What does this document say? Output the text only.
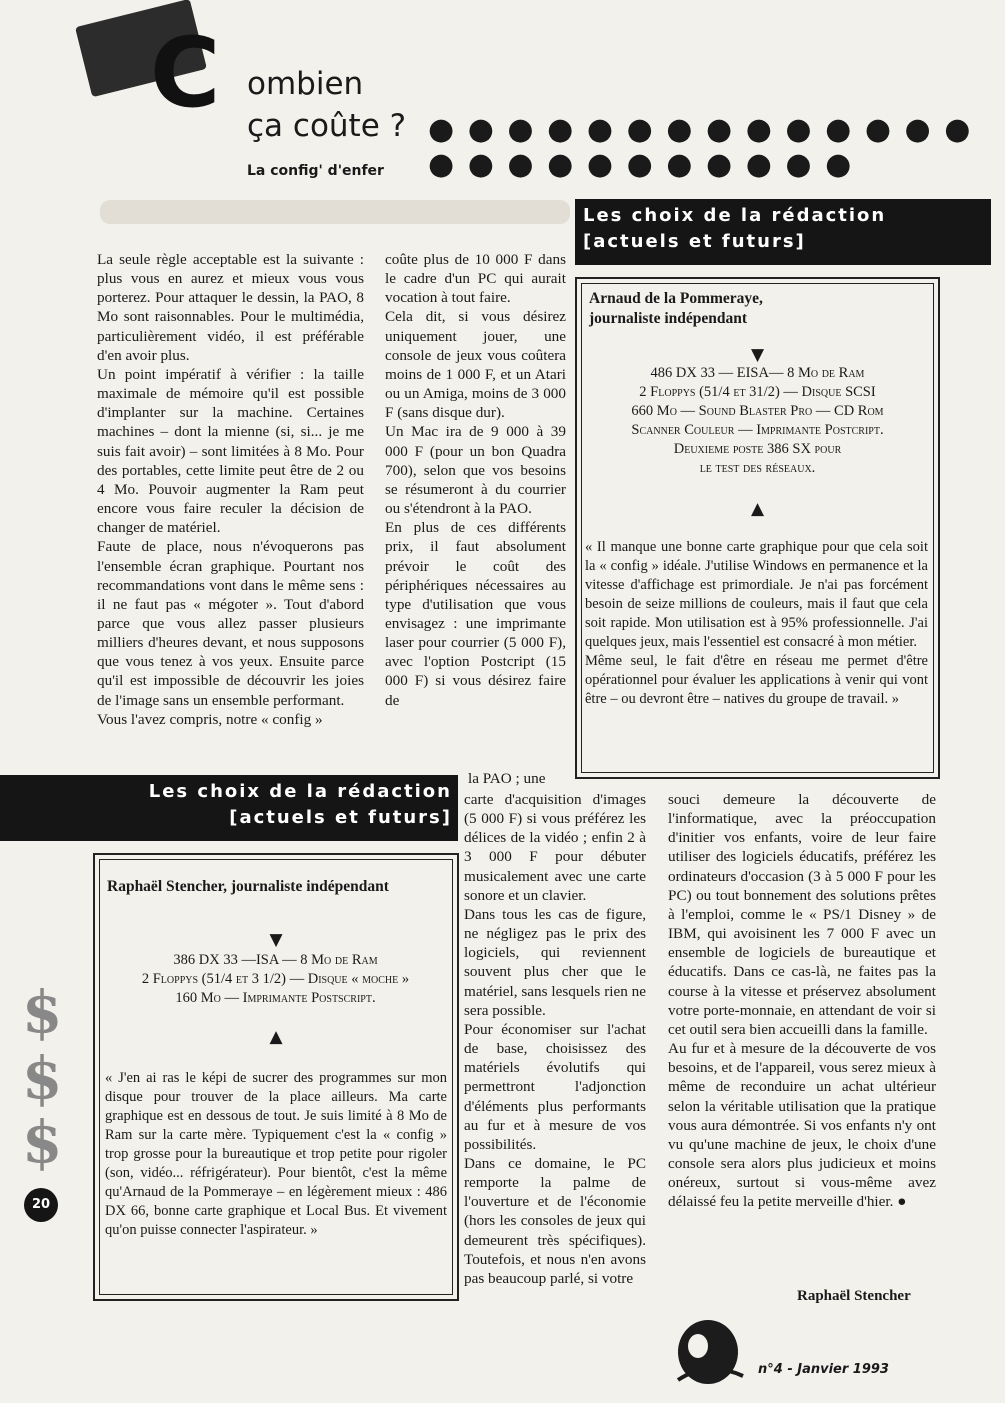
C ombien
ça coûte ? ● ● ● ● ● ● ● ● ● ● ● ● ● ● ● ● ● ● ● ● ● ● ● ● ●
La config' d'enfer

La seule règle acceptable est la suivante : plus vous en aurez et mieux vous vous porterez. Pour attaquer le dessin, la PAO, 8 Mo sont raisonnables. Pour le multimédia, particulièrement vidéo, il est préférable d'en avoir plus.

Un point impératif à vérifier : la taille maximale de mémoire qu'il est possible d'implanter sur la machine. Certaines machines – dont la mienne (si, si... je me suis fait avoir) – sont limitées à 8 Mo. Pour des portables, cette limite peut être de 2 ou 4 Mo. Pouvoir augmenter la Ram peut encore vous faire reculer la décision de changer de matériel.

Faute de place, nous n'évoquerons pas l'ensemble écran graphique. Pourtant nos recommandations vont dans le même sens : il ne faut pas « mégoter ». Tout d'abord parce que vous allez passer plusieurs milliers d'heures devant, et nous supposons que vous tenez à vos yeux. Ensuite parce qu'il est impossible de découvrir les joies de l'image sans un ensemble performant.

Vous l'avez compris, notre « config »

coûte plus de 10 000 F dans le cadre d'un PC qui aurait vocation à tout faire.

Cela dit, si vous désirez uniquement jouer, une console de jeux vous coûtera moins de 1 000 F, et un Atari ou un Amiga, moins de 3 000 F (sans disque dur).

Un Mac ira de 9 000 à 39 000 F (pour un bon Quadra 700), selon que vos besoins se résumeront à du courrier ou s'étendront à la PAO.

En plus de ces différents prix, il faut absolument prévoir le coût des périphériques nécessaires au type d'utilisation que vous envisagez : une imprimante laser pour courrier (5 000 F), avec l'option Postcript (15 000 F) si vous désirez faire de

la PAO ; une

carte d'acquisition d'images (5 000 F) si vous préférez les délices de la vidéo ; enfin 2 à 3 000 F pour débuter musicalement avec une carte sonore et un clavier.

Dans tous les cas de figure, ne négligez pas le prix des logiciels, qui reviennent souvent plus cher que le matériel, sans lesquels rien ne sera possible.

Pour économiser sur l'achat de base, choisissez des matériels évolutifs qui permettront l'adjonction d'éléments plus performants au fur et à mesure de vos possibilités.

Dans ce domaine, le PC remporte la palme de l'ouverture et de l'économie (hors les consoles de jeux qui demeurent très spécifiques). Toutefois, et nous n'en avons pas beaucoup parlé, si votre

souci demeure la découverte de l'informatique, avec la préoccupation d'initier vos enfants, voire de leur faire utiliser des logiciels éducatifs, préférez les ordinateurs d'occasion (3 à 5 000 F pour les PC) ou tout bonnement des solutions prêtes à l'emploi, comme le « PS/1 Disney » de IBM, qui avoisinent les 7 000 F avec un ensemble de logiciels de bureautique et éducatifs. Dans ce cas-là, ne faites pas la course à la vitesse et préservez absolument votre porte-monnaie, en attendant de voir si cet outil sera bien accueilli dans la famille.

Au fur et à mesure de la découverte de vos besoins, et de l'appareil, vous serez mieux à même de reconduire un achat ultérieur selon la véritable utilisation que la pratique vous aura démontrée. Si vos enfants n'y ont vu qu'une machine de jeux, le choix d'une console sera alors plus judicieux et moins onéreux, surtout si vous-même avez délaissé feu la petite merveille d'hier. ●

Raphaël Stencher
Les choix de la rédaction
[actuels et futurs]
Arnaud de la Pommeraye, journaliste indépendant
▼
486 DX 33 — EISA— 8 Mo de Ram
2 Floppys (51/4 et 31/2) — Disque SCSI
660 Mo — Sound Blaster Pro — CD Rom
Scanner Couleur — Imprimante Postcript.
Deuxieme poste 386 SX pour
le test des réseaux.
▲
« Il manque une bonne carte graphique pour que cela soit la « config » idéale. J'utilise Windows en permanence et la vitesse d'affichage est primordiale. Je n'ai pas forcément besoin de seize millions de couleurs, mais il faut que cela soit rapide. Mon utilisation est à 95% professionnelle. J'ai quelques jeux, mais l'essentiel est consacré à mon métier.
Même seul, le fait d'être en réseau me permet d'être opérationnel pour évaluer les applications à venir qui vont être – ou devront être – natives du groupe de travail. »
Les choix de la rédaction
[actuels et futurs]
Raphaël Stencher, journaliste indépendant
▼
386 DX 33 —ISA — 8 Mo de Ram
2 Floppys (51/4 et 3 1/2) — Disque « moche »
160 Mo — Imprimante Postscript.
▲
« J'en ai ras le képi de sucrer des programmes sur mon disque pour trouver de la place ailleurs. Ma carte graphique est en dessous de tout. Je suis limité à 8 Mo de Ram sur la carte mère. Typiquement c'est la « config » trop grosse pour la bureautique et trop petite pour rigoler (son, vidéo... réfrigérateur). Pour bientôt, c'est la même qu'Arnaud de la Pommeraye – en légèrement mieux : 486 DX 66, bonne carte graphique et Local Bus. Et vivement qu'on puisse connecter l'aspirateur. »
$
$
$
20
n°4 - Janvier 1993
